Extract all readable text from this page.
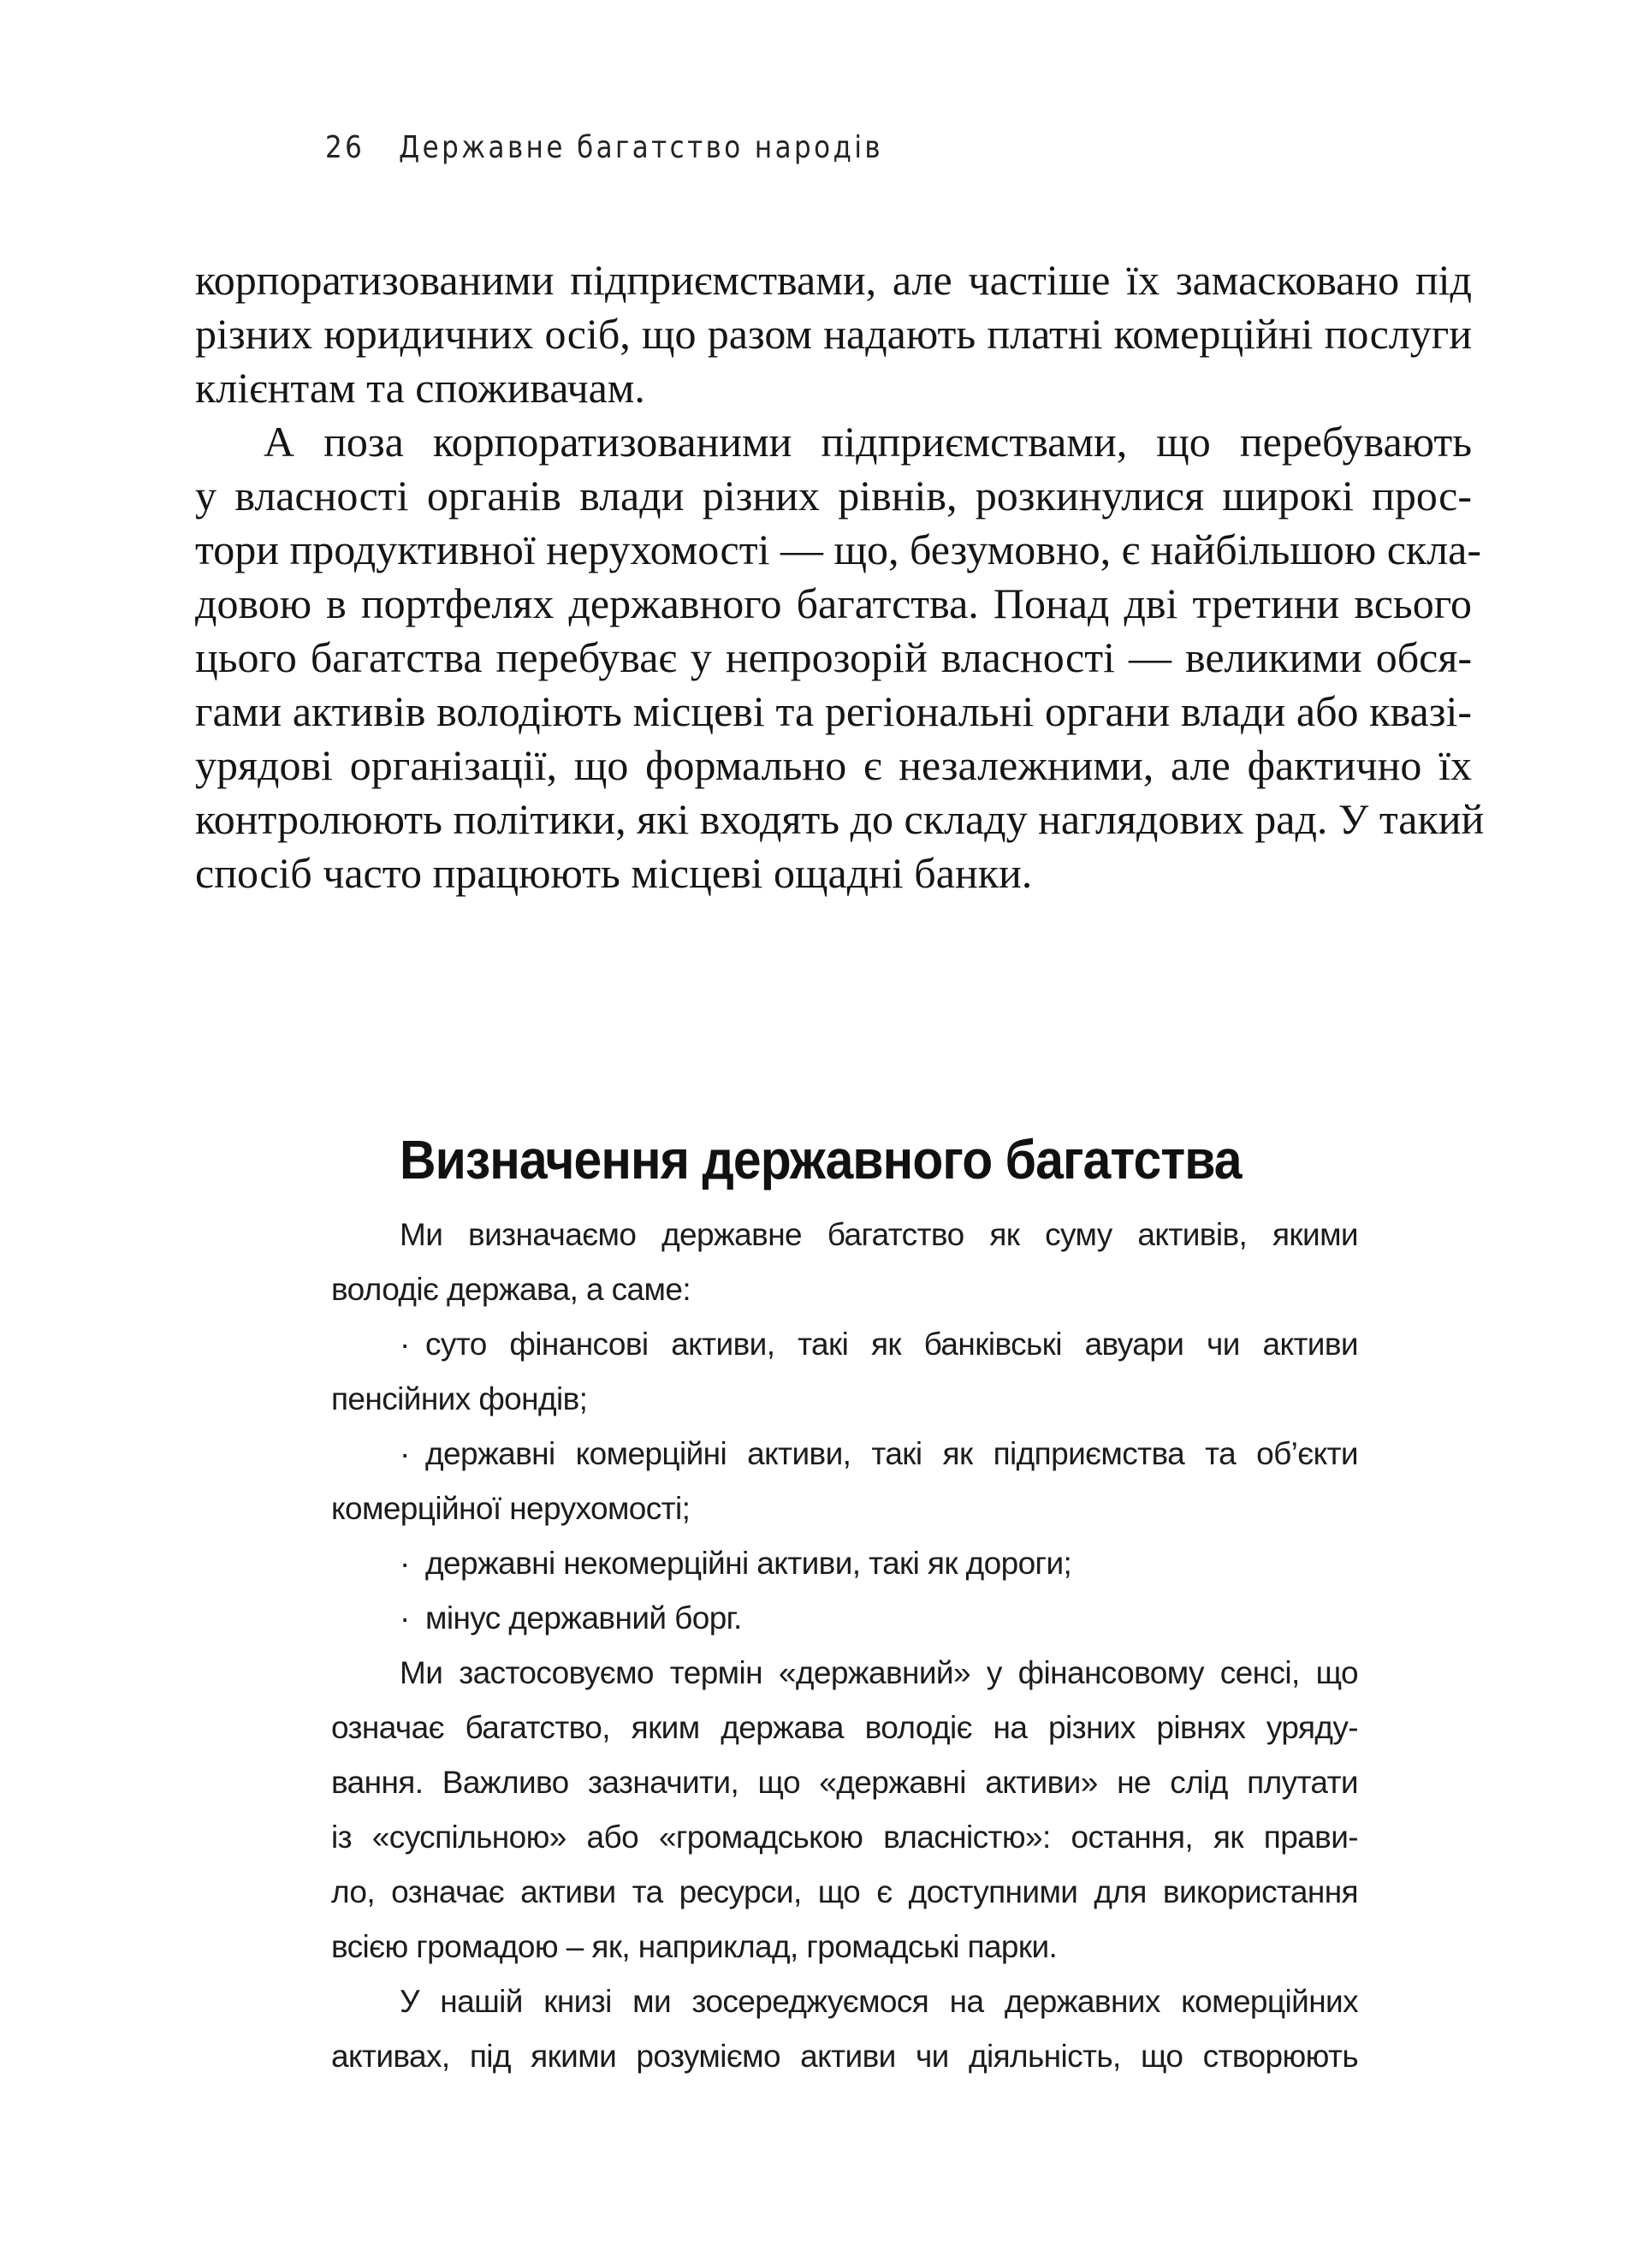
26 Державне багатство народів
корпоратизованими підприємствами, але частіше їх замасковано під
різних юридичних осіб, що разом надають платні комерційні послуги
клієнтам та споживачам.
А поза корпоратизованими підприємствами, що перебувають
у власності органів влади різних рівнів, розкинулися широкі прос-
тори продуктивної нерухомості — що, безумовно, є найбільшою скла-
довою в портфелях державного багатства. Понад дві третини всього
цього багатства перебуває у непрозорій власності — великими обся-
гами активів володіють місцеві та регіональні органи влади або квазі-
урядові організації, що формально є незалежними, але фактично їх
контролюють політики, які входять до складу наглядових рад. У такий
спосіб часто працюють місцеві ощадні банки.
Визначення державного багатства
Ми визначаємо державне багатство як суму активів, якими
володіє держава, а саме:
· суто фінансові активи, такі як банківські авуари чи активи
пенсійних фондів;
· державні комерційні активи, такі як підприємства та об’єкти
комерційної нерухомості;
· державні некомерційні активи, такі як дороги;
· мінус державний борг.
Ми застосовуємо термін «державний» у фінансовому сенсі, що
означає багатство, яким держава володіє на різних рівнях уряду-
вання. Важливо зазначити, що «державні активи» не слід плутати
із «суспільною» або «громадською власністю»: остання, як прави-
ло, означає активи та ресурси, що є доступними для використання
всією громадою – як, наприклад, громадські парки.
У нашій книзі ми зосереджуємося на державних комерційних
активах, під якими розуміємо активи чи діяльність, що створюють
